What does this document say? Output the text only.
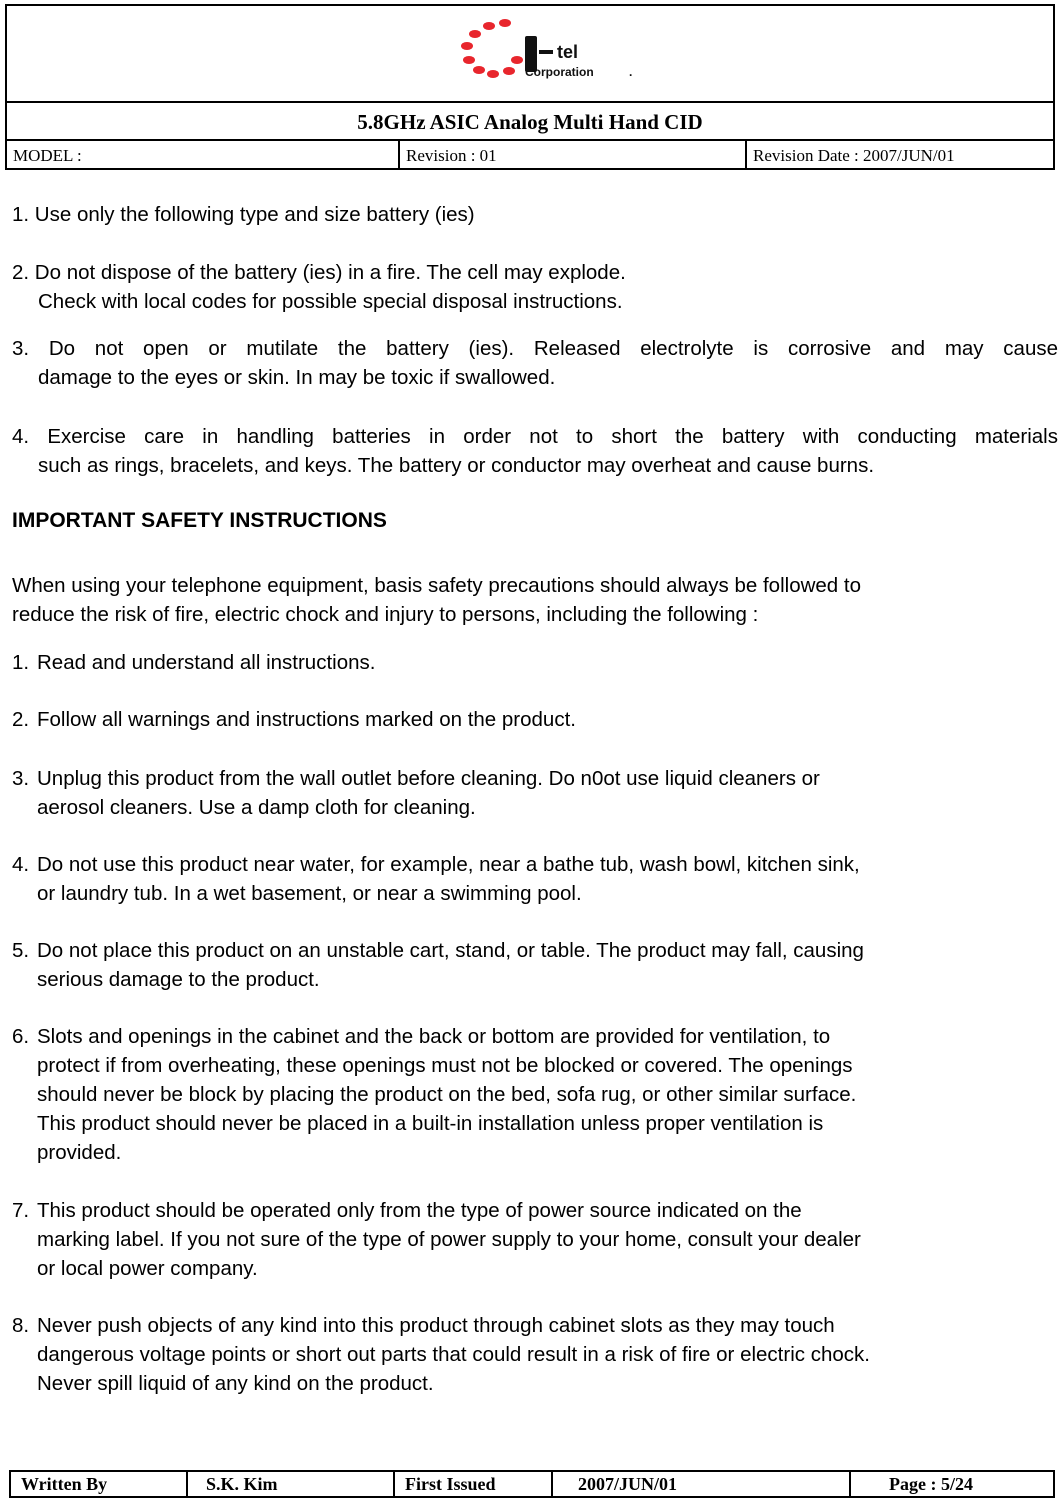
tel
Corporation	.
5.8GHz ASIC Analog Multi Hand CID
MODEL :	Revision : 01	Revision Date : 2007/JUN/01
1. Use only the following type and size battery (ies)
2. Do not dispose of the battery (ies) in a fire. The cell may explode.
Check with local codes for possible special disposal instructions.
3. Do not open or mutilate the battery (ies). Released electrolyte is corrosive and may cause
damage to the eyes or skin. In may be toxic if swallowed.
4. Exercise care in handling batteries in order not to short the battery with conducting materials
such as rings, bracelets, and keys. The battery or conductor may overheat and cause burns.
IMPORTANT SAFETY INSTRUCTIONS
When using your telephone equipment, basis safety precautions should always be followed to
reduce the risk of fire, electric chock and injury to persons, including the following :
1. Read and understand all instructions.
2. Follow all warnings and instructions marked on the product.
3. Unplug this product from the wall outlet before cleaning. Do n0ot use liquid cleaners or
aerosol cleaners. Use a damp cloth for cleaning.
4. Do not use this product near water, for example, near a bathe tub, wash bowl, kitchen sink,
or laundry tub. In a wet basement, or near a swimming pool.
5. Do not place this product on an unstable cart, stand, or table. The product may fall, causing
serious damage to the product.
6. Slots and openings in the cabinet and the back or bottom are provided for ventilation, to
protect if from overheating, these openings must not be blocked or covered. The openings
should never be block by placing the product on the bed, sofa rug, or other similar surface.
This product should never be placed in a built-in installation unless proper ventilation is
provided.
7. This product should be operated only from the type of power source indicated on the
marking label. If you not sure of the type of power supply to your home, consult your dealer
or local power company.
8. Never push objects of any kind into this product through cabinet slots as they may touch
dangerous voltage points or short out parts that could result in a risk of fire or electric chock.
Never spill liquid of any kind on the product.
Written By	S.K. Kim	First Issued	2007/JUN/01	Page : 5/24
